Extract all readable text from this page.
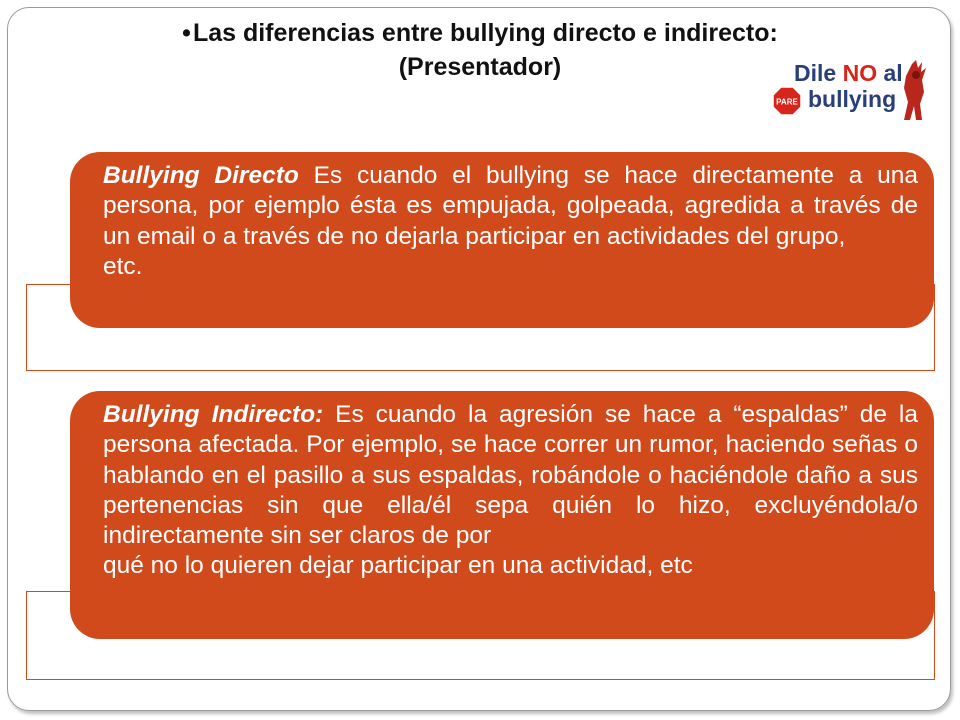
•Las diferencias entre bullying directo e indirecto:
(Presentador)	Dile NO al
PARE bullying
Bullying Directo Es cuando el bullying se hace directamente a una persona, por ejemplo ésta es empujada, golpeada, agredida a través de un email o a través de no dejarla participar en actividades del grupo,
etc.
Bullying Indirecto: Es cuando la agresión se hace a “espaldas” de la persona afectada. Por ejemplo, se hace correr un rumor, haciendo señas o hablando en el pasillo a sus espaldas, robándole o haciéndole daño a sus pertenencias sin que ella/él sepa quién lo hizo, excluyéndola/o indirectamente sin ser claros de por
qué no lo quieren dejar participar en una actividad, etc
